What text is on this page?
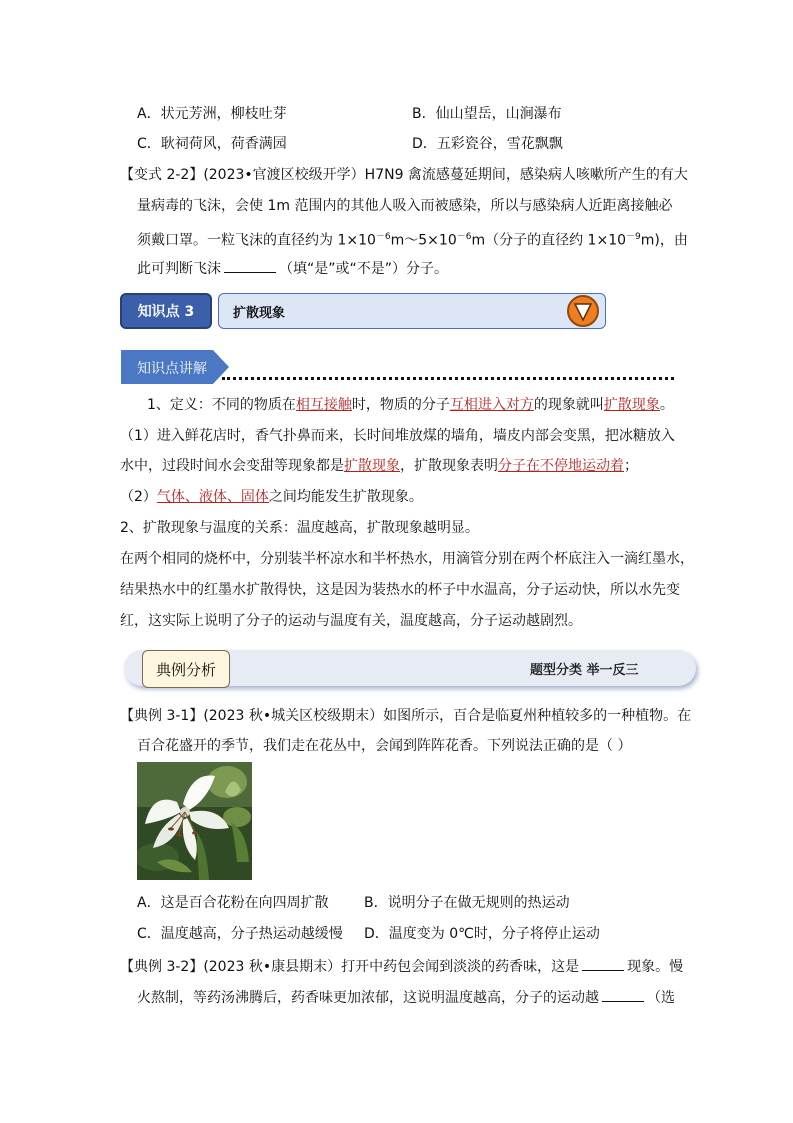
A．状元芳洲，柳枝吐芽	B．仙山望岳，山涧瀑布
C．耿祠荷风，荷香满园	D．五彩瓷谷，雪花飘飘
【变式 2-2】(2023•官渡区校级开学）H7N9 禽流感蔓延期间，感染病人咳嗽所产生的有大
量病毒的飞沫，会使 1m 范围内的其他人吸入而被感染，所以与感染病人近距离接触必
须戴口罩。一粒飞沫的直径约为 $1\times 10^{-6}m\sim 5\times 10^{-6}m$（分子的直径约 $1\times 10^{-9}m$)，由
此可判断飞沫	（填“是”或“不是”）分子。
知识点 3	扩散现象
知识点讲解
1、定义：不同的物质在相互接触时，物质的分子互相进入对方的现象就叫扩散现象。
（1）进入鲜花店时，香气扑鼻而来，长时间堆放煤的墙角，墙皮内部会变黑，把冰糖放入
水中，过段时间水会变甜等现象都是扩散现象，扩散现象表明分子在不停地运动着；
（2）气体、液体、固体之间均能发生扩散现象。
2、扩散现象与温度的关系：温度越高，扩散现象越明显。
在两个相同的烧杯中，分别装半杯凉水和半杯热水，用滴管分别在两个杯底注入一滴红墨水，
结果热水中的红墨水扩散得快，这是因为装热水的杯子中水温高，分子运动快，所以水先变
红，这实际上说明了分子的运动与温度有关，温度越高，分子运动越剧烈。
典例分析	题型分类 举一反三
【典例 3-1】(2023 秋•城关区校级期末）如图所示，百合是临夏州种植较多的一种植物。在
百合花盛开的季节，我们走在花丛中，会闻到阵阵花香。下列说法正确的是（ ）
A．这是百合花粉在向四周扩散	B．说明分子在做无规则的热运动
C．温度越高，分子热运动越缓慢 D．温度变为 0℃时，分子将停止运动
【典例 3-2】(2023 秋•康县期末）打开中药包会闻到淡淡的药香味，这是	现象。慢
火熬制，等药汤沸腾后，药香味更加浓郁，这说明温度越高，分子的运动越	（选
